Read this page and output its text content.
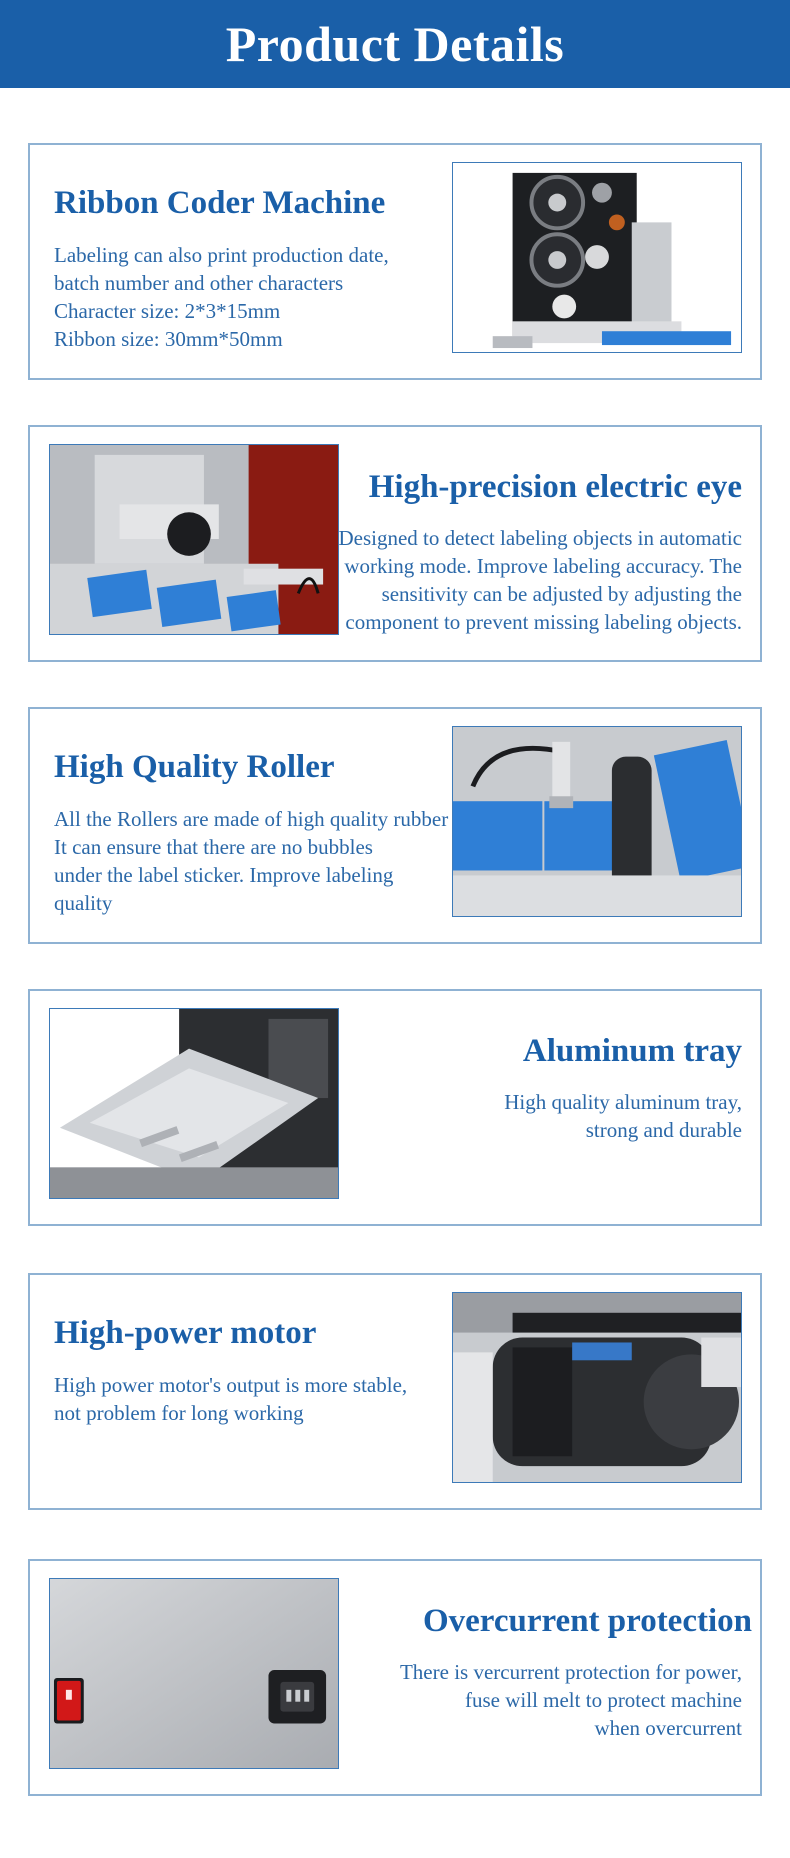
Product Details
Ribbon Coder Machine
Labeling can also print production date,
batch number and other characters
Character size: 2*3*15mm
Ribbon size: 30mm*50mm
High-precision electric eye
Designed to detect labeling objects in automatic
working mode. Improve labeling accuracy. The
sensitivity can be adjusted by adjusting the
component to prevent missing labeling objects.
High Quality Roller
All the Rollers are made of high quality rubber
It can ensure that there are no bubbles
under the label sticker. Improve labeling
quality
Aluminum tray
High quality aluminum tray,
strong and durable
High-power motor
High power motor's output is more stable,
not problem for long working
Overcurrent protection
There is vercurrent protection for power,
fuse will melt to protect machine
when overcurrent
